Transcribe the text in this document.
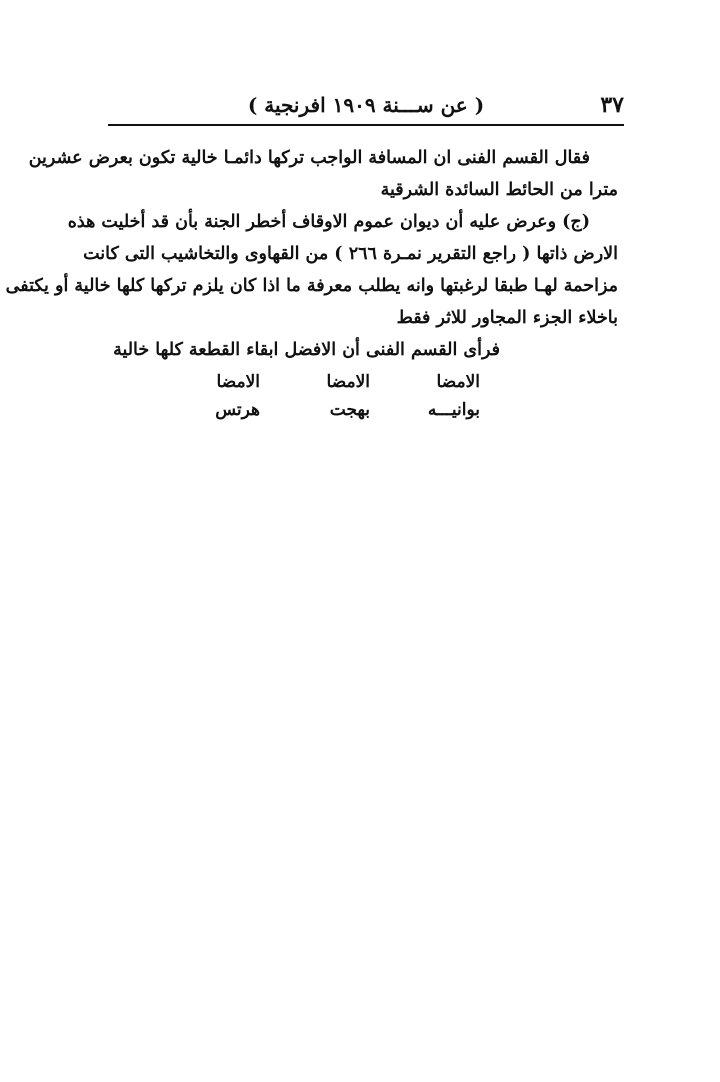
٣٧
( عن ســـنة ١٩٠٩ افرنجية )
فقال القسم الفنى ان المسافة الواجب تركها دائمـا خالية تكون بعرض عشرين
مترا من الحائط السائدة الشرقية
(ج) وعرض عليه أن ديوان عموم الاوقاف أخطر الجنة بأن قد أخليت هذه
الارض ذاتها ( راجع التقرير نمـرة ٢٦٦ ) من القهاوى والتخاشيب التى كانت
مزاحمة لهـا طبقا لرغبتها وانه يطلب معرفة ما اذا كان يلزم تركها كلها خالية أو يكتفى
باخلاء الجزء المجاور للاثر فقط
فرأى القسم الفنى أن الافضل ابقاء القطعة كلها خالية
الامضا
الامضا
الامضا
بوانيـــه
بهجت
هرتس
